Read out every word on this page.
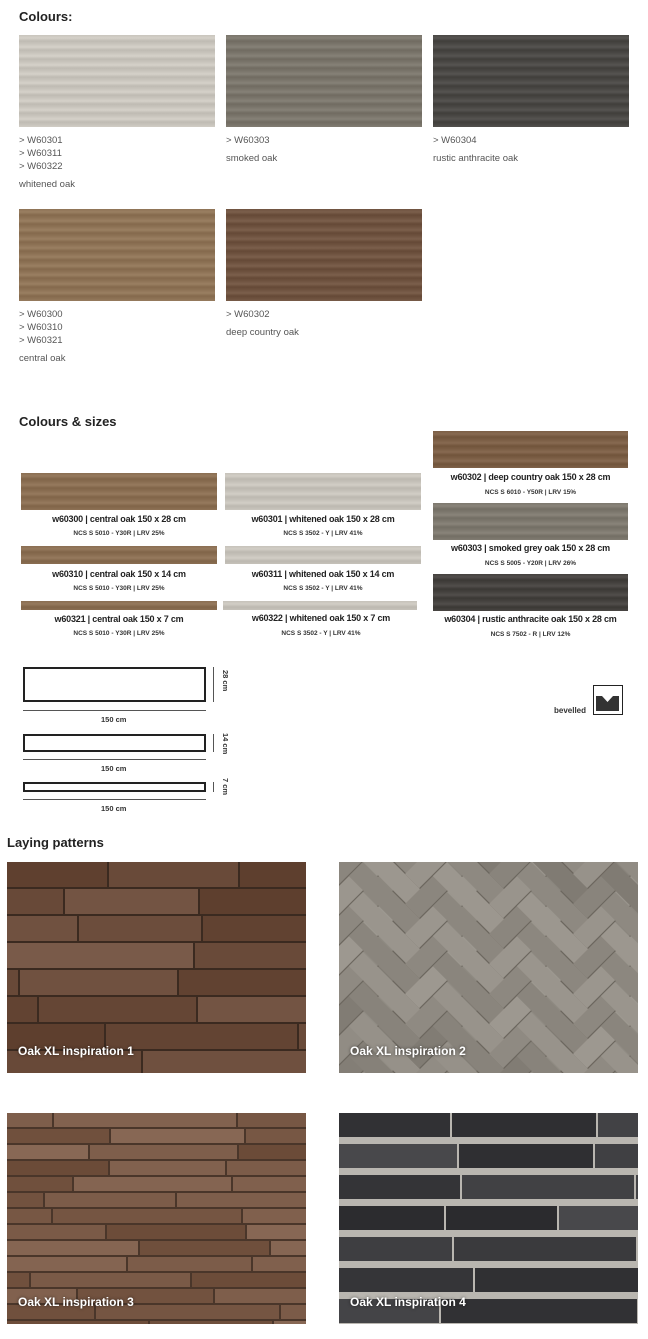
Colours:
> W60301
> W60311
> W60322
whitened oak
> W60303
smoked oak
> W60304
rustic anthracite oak
> W60300
> W60310
> W60321
central oak
> W60302
deep country oak
Colours & sizes
w60300 | central oak 150 x 28 cm
NCS S 5010 - Y30R | LRV 25%
w60310 | central oak 150 x 14 cm
NCS S 5010 - Y30R | LRV 25%
w60321 | central oak 150 x 7 cm
NCS S 5010 - Y30R | LRV 25%
w60301 | whitened oak 150 x 28 cm
NCS S 3502 - Y | LRV 41%
w60311 | whitened oak 150 x 14 cm
NCS S 3502 - Y | LRV 41%
w60322 | whitened oak 150 x 7 cm
NCS S 3502 - Y | LRV 41%
w60302 | deep country oak 150 x 28 cm
NCS S 6010 - Y50R | LRV 15%
w60303 | smoked grey oak 150 x 28 cm
NCS S 5005 - Y20R | LRV 26%
w60304 | rustic anthracite oak 150 x 28 cm
NCS S 7502 - R | LRV 12%
150 cm
28 cm
150 cm
14 cm
150 cm
7 cm
bevelled
Laying patterns
Oak XL inspiration 1	Oak XL inspiration 2
Oak XL inspiration 3	Oak XL inspiration 4
